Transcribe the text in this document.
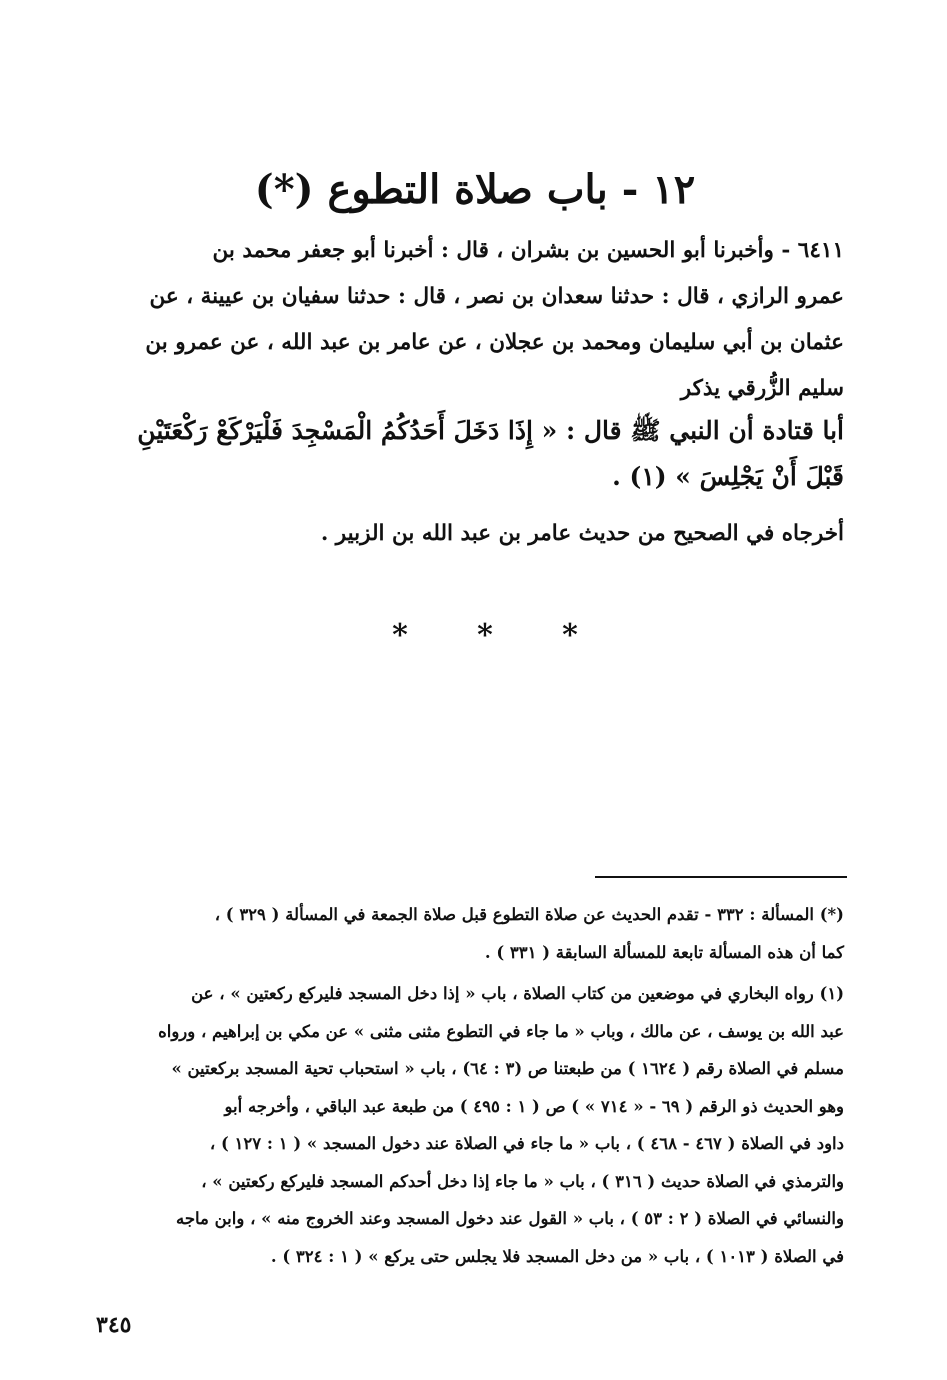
١٢ - باب صلاة التطوع (*)
٦٤١١ - وأخبرنا أبو الحسين بن بشران ، قال : أخبرنا أبو جعفر محمد بن
عمرو الرازي ، قال : حدثنا سعدان بن نصر ، قال : حدثنا سفيان بن عيينة ، عن
عثمان بن أبي سليمان ومحمد بن عجلان ، عن عامر بن عبد الله ، عن عمرو بن
سليم الزُّرقي يذكر
أبا قتادة أن النبي ﷺ قال : « إِذَا دَخَلَ أَحَدُكُمُ الْمَسْجِدَ فَلْيَرْكَعْ رَكْعَتَيْنِ
قَبْلَ أَنْ يَجْلِسَ » (١) .
أخرجاه في الصحيح من حديث عامر بن عبد الله بن الزبير .
*	*	*
(*) المسألة : ٣٣٢ - تقدم الحديث عن صلاة التطوع قبل صلاة الجمعة في المسألة ( ٣٢٩ ) ،
كما أن هذه المسألة تابعة للمسألة السابقة ( ٣٣١ ) .
(١) رواه البخاري في موضعين من كتاب الصلاة ، باب « إذا دخل المسجد فليركع ركعتين » ، عن
عبد الله بن يوسف ، عن مالك ، وباب « ما جاء في التطوع مثنى مثنى » عن مكي بن إبراهيم ، ورواه
مسلم في الصلاة رقم ( ١٦٢٤ ) من طبعتنا ص (٣ : ٦٤) ، باب « استحباب تحية المسجد بركعتين »
وهو الحديث ذو الرقم ( ٦٩ - « ٧١٤ » ) ص ( ١ : ٤٩٥ ) من طبعة عبد الباقي ، وأخرجه أبو
داود في الصلاة ( ٤٦٧ - ٤٦٨ ) ، باب « ما جاء في الصلاة عند دخول المسجد » ( ١ : ١٢٧ ) ،
والترمذي في الصلاة حديث ( ٣١٦ ) ، باب « ما جاء إذا دخل أحدكم المسجد فليركع ركعتين » ،
والنسائي في الصلاة ( ٢ : ٥٣ ) ، باب « القول عند دخول المسجد وعند الخروج منه » ، وابن ماجه
في الصلاة ( ١٠١٣ ) ، باب « من دخل المسجد فلا يجلس حتى يركع » ( ١ : ٣٢٤ ) .
٣٤٥
